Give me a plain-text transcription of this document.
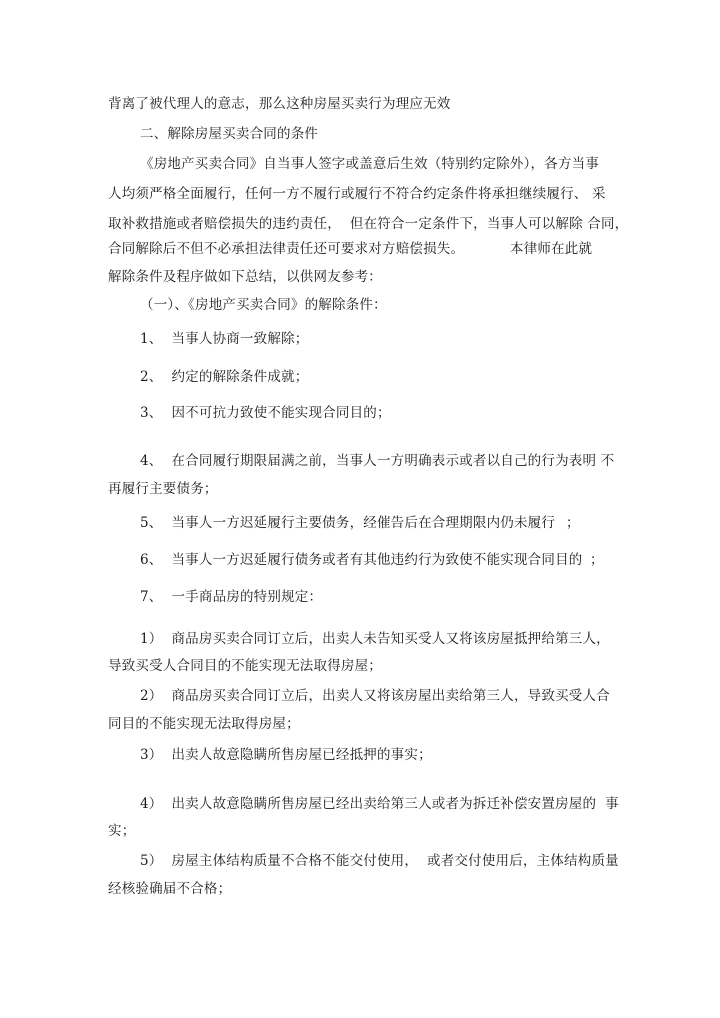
背离了被代理人的意志，那么这种房屋买卖行为理应无效
二、解除房屋买卖合同的条件
《房地产买卖合同》自当事人签字或盖意后生效（特别约定除外），各方当事
人均须严格全面履行，任何一方不履行或履行不符合约定条件将承担继续履行、 采
取补救措施或者赔偿损失的违约责任，  但在符合一定条件下，当事人可以解除 合同，
合同解除后不但不必承担法律责任还可要求对方赔偿损失。	本律师在此就
解除条件及程序做如下总结，以供网友参考：
（一）、《房地产买卖合同》的解除条件：
1、  当事人协商一致解除；
2、  约定的解除条件成就；
3、  因不可抗力致使不能实现合同目的；
4、  在合同履行期限届满之前，当事人一方明确表示或者以自己的行为表明 不
再履行主要债务；
5、  当事人一方迟延履行主要债务，经催告后在合理期限内仍未履行 ；
6、  当事人一方迟延履行债务或者有其他违约行为致使不能实现合同目的 ；
7、  一手商品房的特别规定：
1）  商品房买卖合同订立后，出卖人未告知买受人又将该房屋抵押给第三人，
导致买受人合同目的不能实现无法取得房屋；
2）  商品房买卖合同订立后，出卖人又将该房屋出卖给第三人，导致买受人合
同目的不能实现无法取得房屋；
3）  出卖人故意隐瞒所售房屋已经抵押的事实；
4）  出卖人故意隐瞒所售房屋已经出卖给第三人或者为拆迁补偿安置房屋的  事
实；
5）  房屋主体结构质量不合格不能交付使用，  或者交付使用后，主体结构质量
经核验确届不合格；
